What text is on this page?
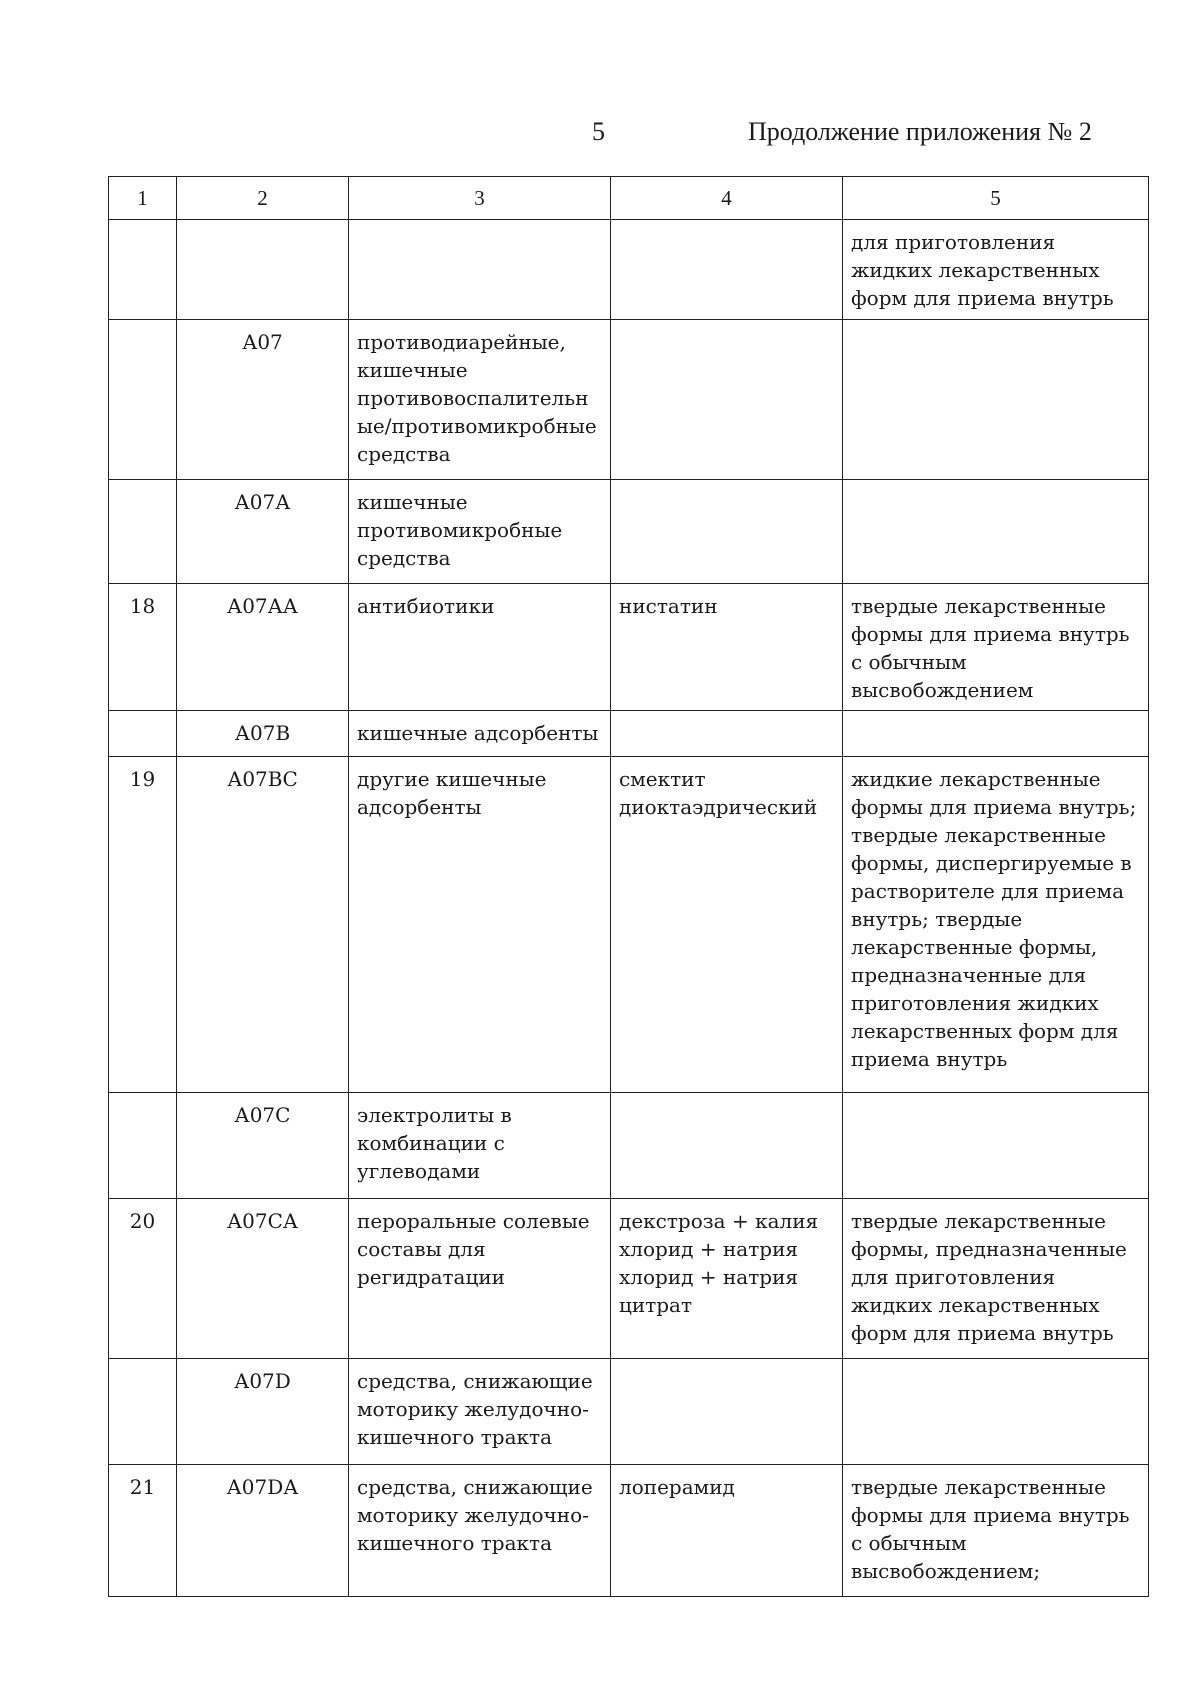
5	Продолжение приложения № 2
1	2	3	4	5
				для приготовления жидких лекарственных форм для приема внутрь
	А07	противодиарейные, кишечные противовоспалительные/противомикробные средства		
	А07А	кишечные противомикробные средства		
18	А07АА	антибиотики	нистатин	твердые лекарственные формы для приема внутрь с обычным высвобождением
	А07В	кишечные адсорбенты		
19	А07ВС	другие кишечные адсорбенты	смектит диоктаэдрический	жидкие лекарственные формы для приема внутрь; твердые лекарственные формы, диспергируемые в растворителе для приема внутрь; твердые лекарственные формы, предназначенные для приготовления жидких лекарственных форм для приема внутрь
	А07С	электролиты в комбинации с углеводами		
20	А07СА	пероральные солевые составы для регидратации	декстроза + калия хлорид + натрия хлорид + натрия цитрат	твердые лекарственные формы, предназначенные для приготовления жидких лекарственных форм для приема внутрь
	А07D	средства, снижающие моторику желудочно-кишечного тракта		
21	А07DА	средства, снижающие моторику желудочно-кишечного тракта	лоперамид	твердые лекарственные формы для приема внутрь с обычным высвобождением;
